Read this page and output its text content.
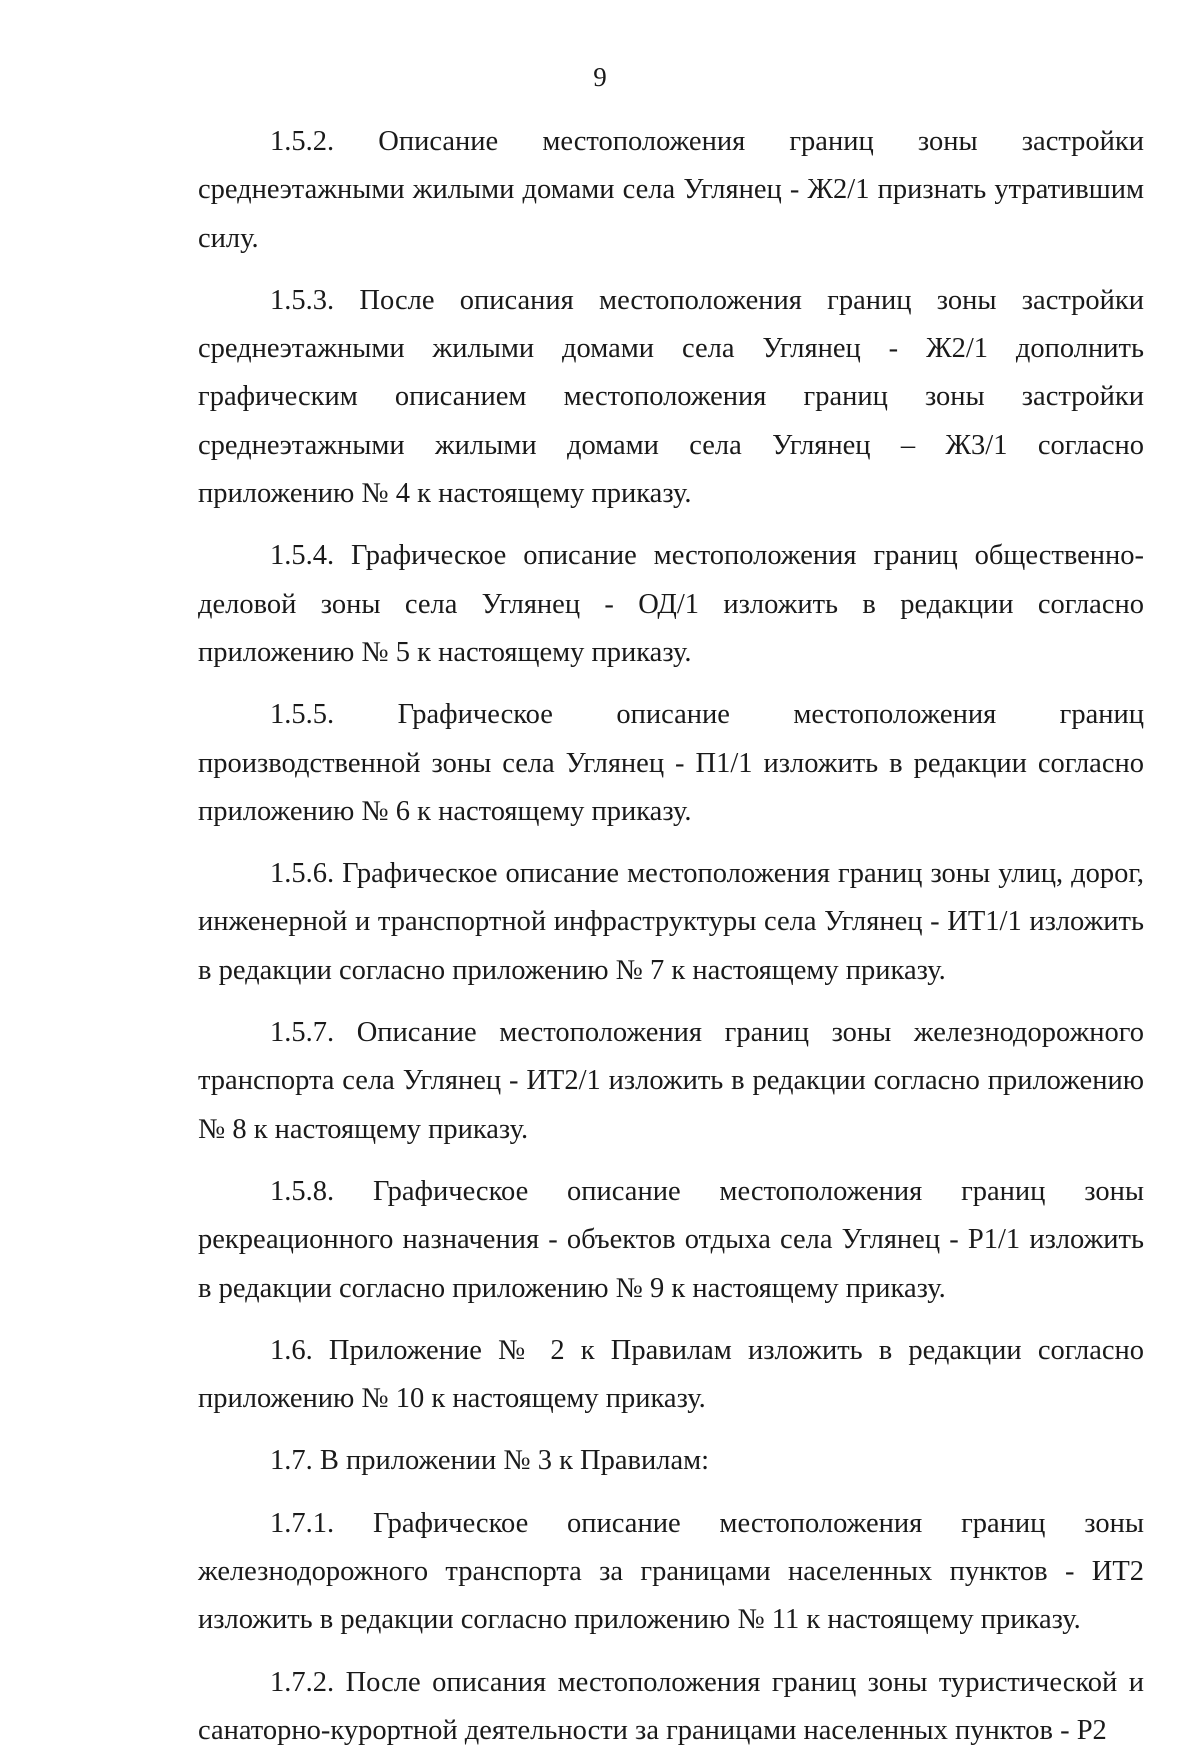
9

1.5.2. Описание местоположения границ зоны застройки среднеэтажными жилыми домами села Углянец - Ж2/1 признать утратившим силу.

1.5.3. После описания местоположения границ зоны застройки среднеэтажными жилыми домами села Углянец - Ж2/1 дополнить графическим описанием местоположения границ зоны застройки среднеэтажными жилыми домами села Углянец – Ж3/1 согласно приложению № 4 к настоящему приказу.

1.5.4. Графическое описание местоположения границ общественно-деловой зоны села Углянец - ОД/1 изложить в редакции согласно приложению № 5 к настоящему приказу.

1.5.5. Графическое описание местоположения границ производственной зоны села Углянец - П1/1 изложить в редакции согласно приложению № 6 к настоящему приказу.

1.5.6. Графическое описание местоположения границ зоны улиц, дорог, инженерной и транспортной инфраструктуры села Углянец - ИТ1/1 изложить в редакции согласно приложению № 7 к настоящему приказу.

1.5.7. Описание местоположения границ зоны железнодорожного транспорта села Углянец - ИТ2/1 изложить в редакции согласно приложению № 8 к настоящему приказу.

1.5.8. Графическое описание местоположения границ зоны рекреационного назначения - объектов отдыха села Углянец - Р1/1 изложить в редакции согласно приложению № 9 к настоящему приказу.

1.6. Приложение № 2 к Правилам изложить в редакции согласно приложению № 10 к настоящему приказу.

1.7. В приложении № 3 к Правилам:

1.7.1. Графическое описание местоположения границ зоны железнодорожного транспорта за границами населенных пунктов - ИТ2 изложить в редакции согласно приложению № 11 к настоящему приказу.

1.7.2. После описания местоположения границ зоны туристической и санаторно-курортной деятельности за границами населенных пунктов - Р2
